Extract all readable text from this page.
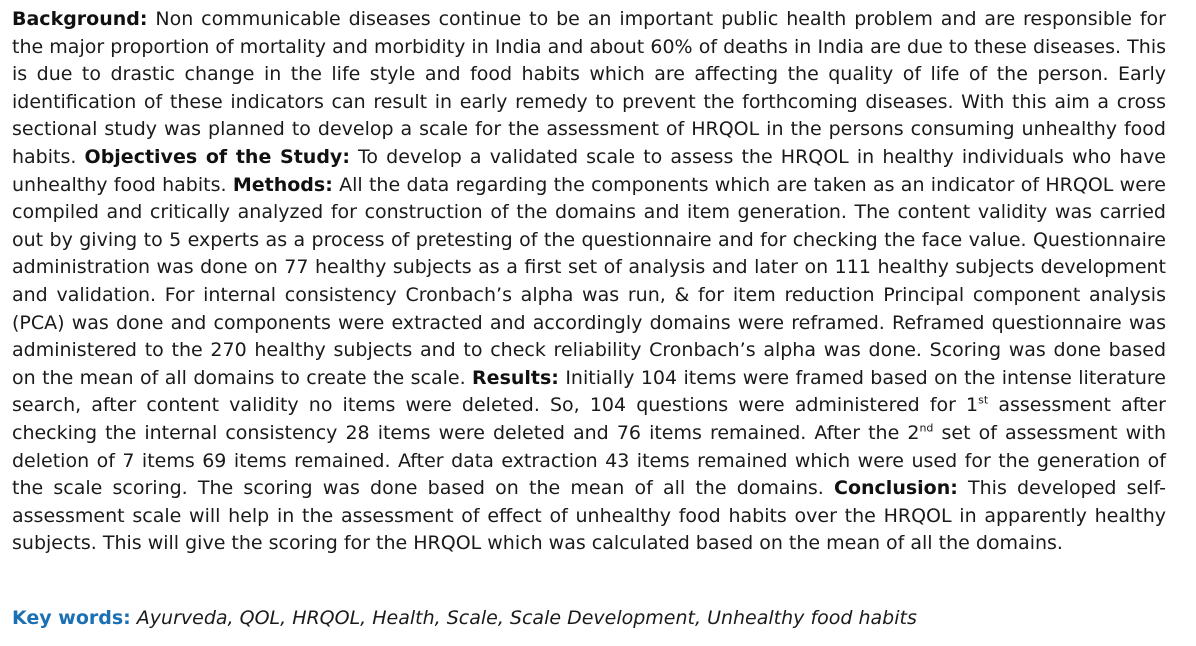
Background: Non communicable diseases continue to be an important public health problem and are responsible for the major proportion of mortality and morbidity in India and about 60% of deaths in India are due to these diseases. This is due to drastic change in the life style and food habits which are affecting the quality of life of the person. Early identification of these indicators can result in early remedy to prevent the forthcoming diseases. With this aim a cross sectional study was planned to develop a scale for the assessment of HRQOL in the persons consuming unhealthy food habits. Objectives of the Study: To develop a validated scale to assess the HRQOL in healthy individuals who have unhealthy food habits. Methods: All the data regarding the components which are taken as an indicator of HRQOL were compiled and critically analyzed for construction of the domains and item generation. The content validity was carried out by giving to 5 experts as a process of pretesting of the questionnaire and for checking the face value. Questionnaire administration was done on 77 healthy subjects as a first set of analysis and later on 111 healthy subjects development and validation. For internal consistency Cronbach’s alpha was run, & for item reduction Principal component analysis (PCA) was done and components were extracted and accordingly domains were reframed. Reframed questionnaire was administered to the 270 healthy subjects and to check reliability Cronbach’s alpha was done. Scoring was done based on the mean of all domains to create the scale. Results: Initially 104 items were framed based on the intense literature search, after content validity no items were deleted. So, 104 questions were administered for 1st assessment after checking the internal consistency 28 items were deleted and 76 items remained. After the 2nd set of assessment with deletion of 7 items 69 items remained. After data extraction 43 items remained which were used for the generation of the scale scoring. The scoring was done based on the mean of all the domains. Conclusion: This developed self-assessment scale will help in the assessment of effect of unhealthy food habits over the HRQOL in apparently healthy subjects. This will give the scoring for the HRQOL which was calculated based on the mean of all the domains.

Key words: Ayurveda, QOL, HRQOL, Health, Scale, Scale Development, Unhealthy food habits
